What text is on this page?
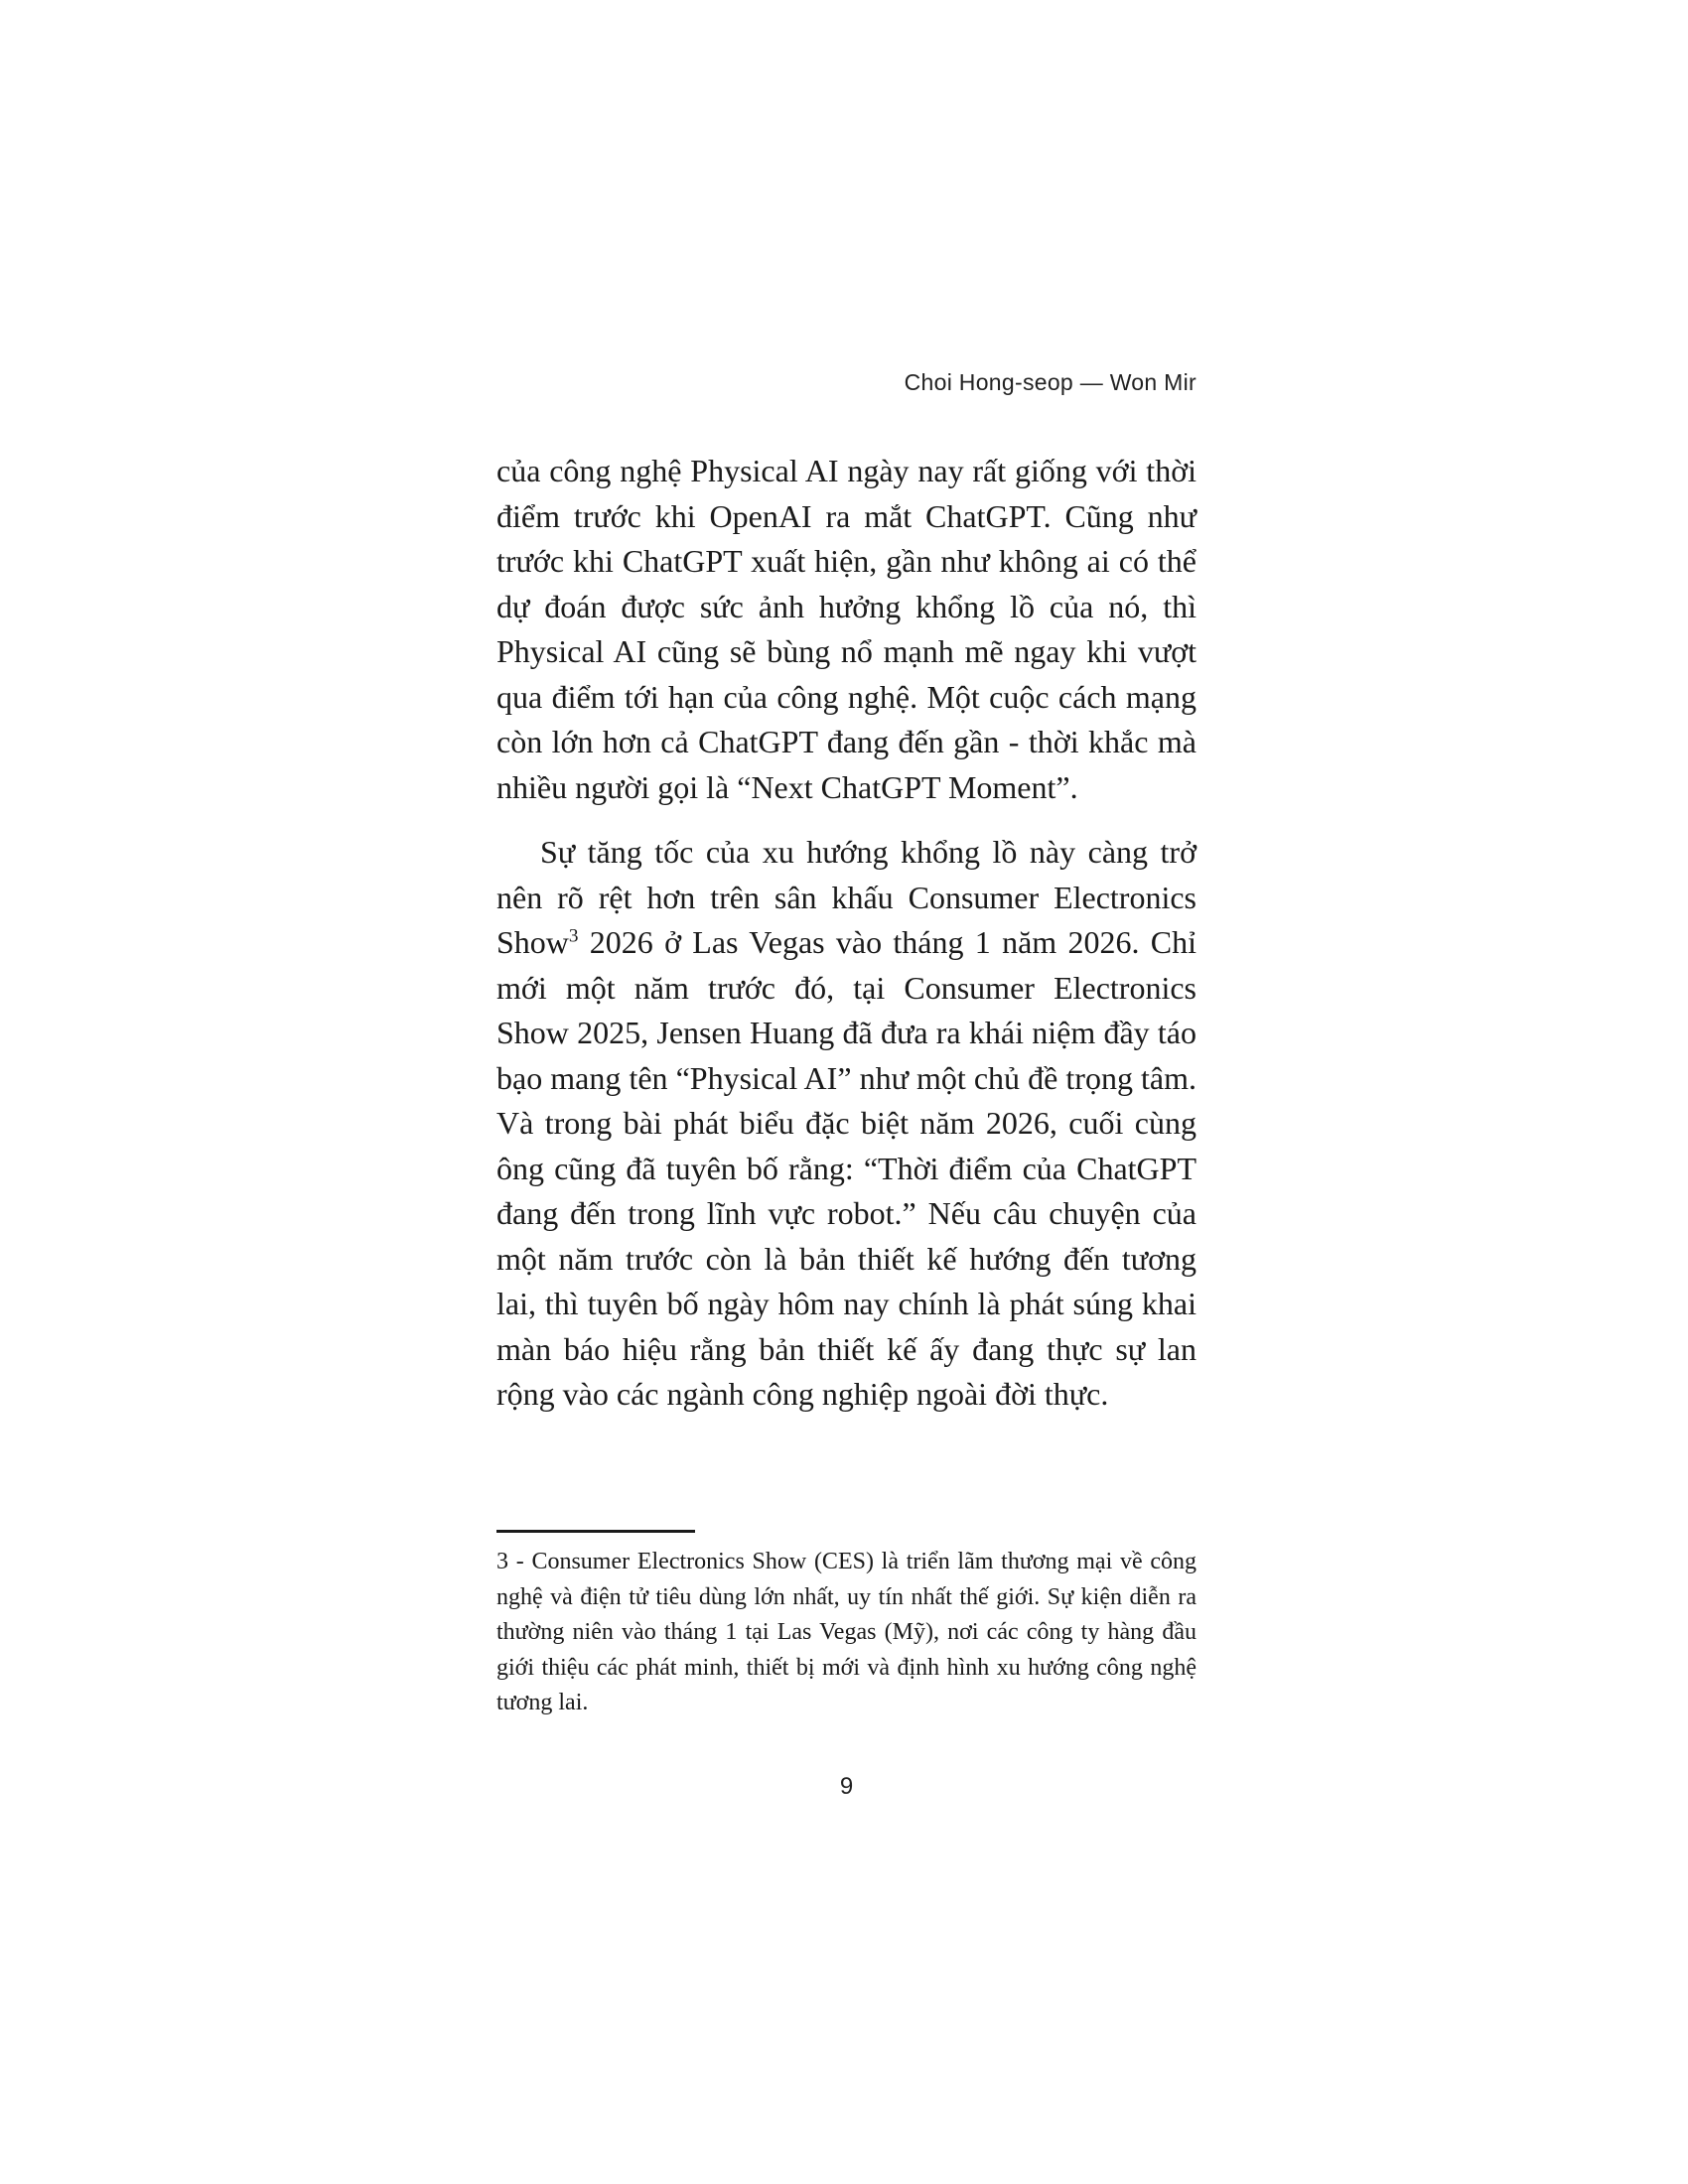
Choi Hong-seop — Won Mir

của công nghệ Physical AI ngày nay rất giống với thời điểm trước khi OpenAI ra mắt ChatGPT. Cũng như trước khi ChatGPT xuất hiện, gần như không ai có thể dự đoán được sức ảnh hưởng khổng lồ của nó, thì Physical AI cũng sẽ bùng nổ mạnh mẽ ngay khi vượt qua điểm tới hạn của công nghệ. Một cuộc cách mạng còn lớn hơn cả ChatGPT đang đến gần - thời khắc mà nhiều người gọi là “Next ChatGPT Moment”.

Sự tăng tốc của xu hướng khổng lồ này càng trở nên rõ rệt hơn trên sân khấu Consumer Electronics Show$^3$ 2026 ở Las Vegas vào tháng 1 năm 2026. Chỉ mới một năm trước đó, tại Consumer Electronics Show 2025, Jensen Huang đã đưa ra khái niệm đầy táo bạo mang tên “Physical AI” như một chủ đề trọng tâm. Và trong bài phát biểu đặc biệt năm 2026, cuối cùng ông cũng đã tuyên bố rằng: “Thời điểm của ChatGPT đang đến trong lĩnh vực robot.” Nếu câu chuyện của một năm trước còn là bản thiết kế hướng đến tương lai, thì tuyên bố ngày hôm nay chính là phát súng khai màn báo hiệu rằng bản thiết kế ấy đang thực sự lan rộng vào các ngành công nghiệp ngoài đời thực.

3 - Consumer Electronics Show (CES) là triển lãm thương mại về công nghệ và điện tử tiêu dùng lớn nhất, uy tín nhất thế giới. Sự kiện diễn ra thường niên vào tháng 1 tại Las Vegas (Mỹ), nơi các công ty hàng đầu giới thiệu các phát minh, thiết bị mới và định hình xu hướng công nghệ tương lai.

9
